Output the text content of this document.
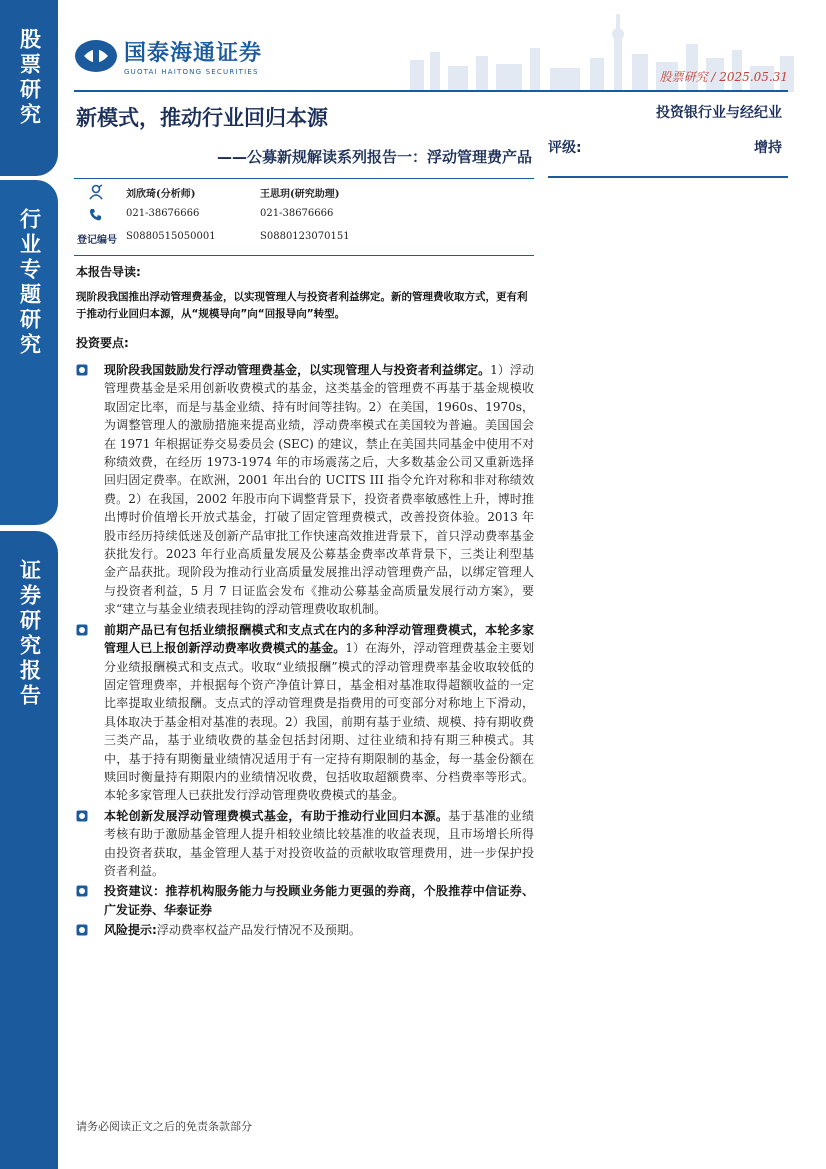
股票研究
行业专题研究
证券研究报告
国泰海通证券
GUOTAI HAITONG SECURITIES	股票研究 / 2025.05.31
新模式，推动行业回归本源	投资银行业与经纪业
——公募新规解读系列报告一：浮动管理费产品 评级:	增持
刘欣琦(分析师)	王思玥(研究助理)
021-38676666	021-38676666
登记编号 S0880515050001	S0880123070151
本报告导读:
现阶段我国推出浮动管理费基金，以实现管理人与投资者利益绑定。新的管理费收取方式，更有利于推动行业回归本源，从“规模导向”向“回报导向”转型。
投资要点:
现阶段我国鼓励发行浮动管理费基金，以实现管理人与投资者利益绑定。1）浮动管理费基金是采用创新收费模式的基金，这类基金的管理费不再基于基金规模收取固定比率，而是与基金业绩、持有时间等挂钩。2）在美国，1960s、1970s，为调整管理人的激励措施来提高业绩，浮动费率模式在美国较为普遍。美国国会在 1971 年根据证券交易委员会 (SEC) 的建议，禁止在美国共同基金中使用不对称绩效费，在经历 1973-1974 年的市场震荡之后，大多数基金公司又重新选择回归固定费率。在欧洲，2001 年出台的 UCITS III 指令允许对称和非对称绩效费。2）在我国，2002 年股市向下调整背景下，投资者费率敏感性上升，博时推出博时价值增长开放式基金，打破了固定管理费模式，改善投资体验。2013 年股市经历持续低迷及创新产品审批工作快速高效推进背景下，首只浮动费率基金获批发行。2023 年行业高质量发展及公募基金费率改革背景下，三类让利型基金产品获批。现阶段为推动行业高质量发展推出浮动管理费产品，以绑定管理人与投资者利益，5 月 7 日证监会发布《推动公募基金高质量发展行动方案》，要求“建立与基金业绩表现挂钩的浮动管理费收取机制。
前期产品已有包括业绩报酬模式和支点式在内的多种浮动管理费模式，本轮多家管理人已上报创新浮动费率收费模式的基金。1）在海外，浮动管理费基金主要划分业绩报酬模式和支点式。收取“业绩报酬”模式的浮动管理费率基金收取较低的固定管理费率，并根据每个资产净值计算日，基金相对基准取得超额收益的一定比率提取业绩报酬。支点式的浮动管理费是指费用的可变部分对称地上下滑动，具体取决于基金相对基准的表现。2）我国，前期有基于业绩、规模、持有期收费三类产品，基于业绩收费的基金包括封闭期、过往业绩和持有期三种模式。其中，基于持有期衡量业绩情况适用于有一定持有期限制的基金，每一基金份额在赎回时衡量持有期限内的业绩情况收费，包括收取超额费率、分档费率等形式。本轮多家管理人已获批发行浮动管理费收费模式的基金。
本轮创新发展浮动管理费模式基金，有助于推动行业回归本源。基于基准的业绩考核有助于激励基金管理人提升相较业绩比较基准的收益表现，且市场增长所得由投资者获取，基金管理人基于对投资收益的贡献收取管理费用，进一步保护投资者利益。
投资建议：推荐机构服务能力与投顾业务能力更强的券商，个股推荐中信证券、广发证券、华泰证券
风险提示:浮动费率权益产品发行情况不及预期。
请务必阅读正文之后的免责条款部分
